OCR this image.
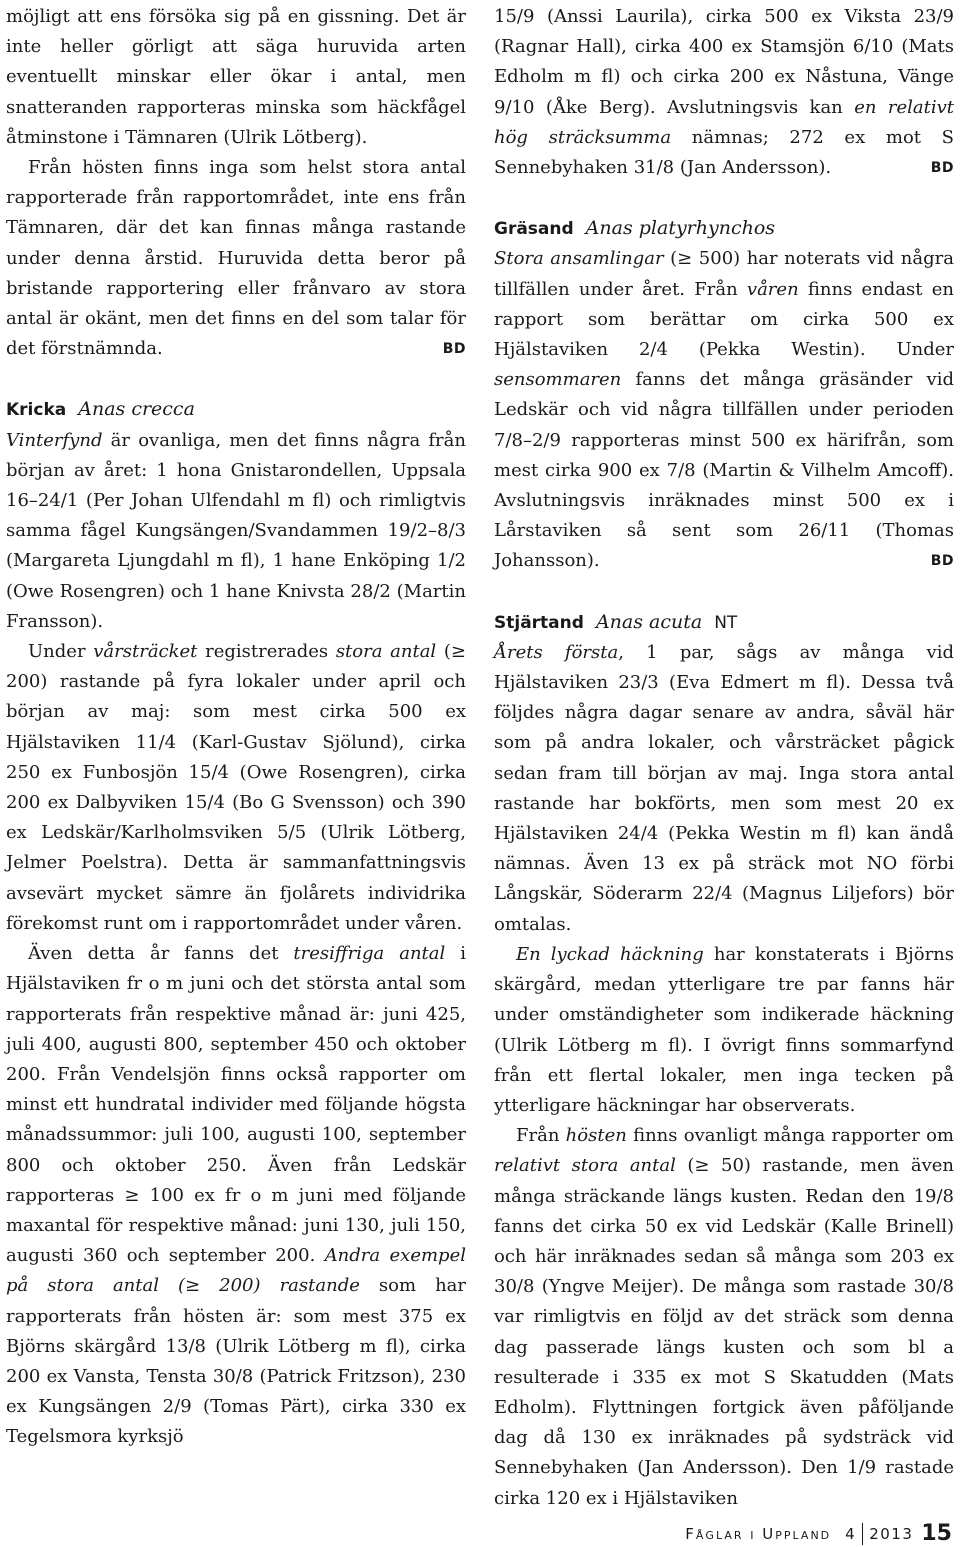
möjligt att ens försöka sig på en gissning. Det är inte heller görligt att säga huruvida arten eventuellt minskar eller ökar i antal, men snatteranden rapporteras minska som häckfågel åtminstone i Tämnaren (Ulrik Lötberg).

Från hösten finns inga som helst stora antal rapporterade från rapportområdet, inte ens från Tämnaren, där det kan finnas många rastande under denna årstid. Huruvida detta beror på bristande rapportering eller frånvaro av stora antal är okänt, men det finns en del som talar för det förstnämnda.	BD

Kricka Anas crecca

Vinterfynd är ovanliga, men det finns några från början av året: 1 hona Gnistarondellen, Uppsala 16–24/1 (Per Johan Ulfendahl m fl) och rimligtvis samma fågel Kungsängen/Svandammen 19/2–8/3 (Margareta Ljungdahl m fl), 1 hane Enköping 1/2 (Owe Rosengren) och 1 hane Knivsta 28/2 (Martin Fransson).

Under vårsträcket registrerades stora antal (≥ 200) rastande på fyra lokaler under april och början av maj: som mest cirka 500 ex Hjälstaviken 11/4 (Karl-Gustav Sjölund), cirka 250 ex Funbosjön 15/4 (Owe Rosengren), cirka 200 ex Dalbyviken 15/4 (Bo G Svensson) och 390 ex Ledskär/Karlholmsviken 5/5 (Ulrik Lötberg, Jelmer Poelstra). Detta är sammanfattningsvis avsevärt mycket sämre än fjolårets individrika förekomst runt om i rapportområdet under våren.

Även detta år fanns det tresiffriga antal i Hjälstaviken fr o m juni och det största antal som rapporterats från respektive månad är: juni 425, juli 400, augusti 800, september 450 och oktober 200. Från Vendelsjön finns också rapporter om minst ett hundratal individer med följande högsta månadssummor: juli 100, augusti 100, september 800 och oktober 250. Även från Ledskär rapporteras ≥ 100 ex fr o m juni med följande maxantal för respektive månad: juni 130, juli 150, augusti 360 och september 200. Andra exempel på stora antal (≥ 200) rastande som har rapporterats från hösten är: som mest 375 ex Björns skärgård 13/8 (Ulrik Lötberg m fl), cirka 200 ex Vansta, Tensta 30/8 (Patrick Fritzson), 230 ex Kungsängen 2/9 (Tomas Pärt), cirka 330 ex Tegelsmora kyrksjö

15/9 (Anssi Laurila), cirka 500 ex Viksta 23/9 (Ragnar Hall), cirka 400 ex Stamsjön 6/10 (Mats Edholm m fl) och cirka 200 ex Nåstuna, Vänge 9/10 (Åke Berg). Avslutningsvis kan en relativt hög sträcksumma nämnas; 272 ex mot S Sennebyhaken 31/8 (Jan Andersson).	BD

Gräsand Anas platyrhynchos

Stora ansamlingar (≥ 500) har noterats vid några tillfällen under året. Från våren finns endast en rapport som berättar om cirka 500 ex Hjälstaviken 2/4 (Pekka Westin). Under sensommaren fanns det många gräsänder vid Ledskär och vid några tillfällen under perioden 7/8–2/9 rapporteras minst 500 ex härifrån, som mest cirka 900 ex 7/8 (Martin & Vilhelm Amcoff). Avslutningsvis inräknades minst 500 ex i Lårstaviken så sent som 26/11 (Thomas Johansson).	BD

Stjärtand Anas acuta NT

Årets första, 1 par, sågs av många vid Hjälstaviken 23/3 (Eva Edmert m fl). Dessa två följdes några dagar senare av andra, såväl här som på andra lokaler, och vårsträcket pågick sedan fram till början av maj. Inga stora antal rastande har bokförts, men som mest 20 ex Hjälstaviken 24/4 (Pekka Westin m fl) kan ändå nämnas. Även 13 ex på sträck mot NO förbi Långskär, Söderarm 22/4 (Magnus Liljefors) bör omtalas.

En lyckad häckning har konstaterats i Björns skärgård, medan ytterligare tre par fanns här under omständigheter som indikerade häckning (Ulrik Lötberg m fl). I övrigt finns sommarfynd från ett flertal lokaler, men inga tecken på ytterligare häckningar har observerats.

Från hösten finns ovanligt många rapporter om relativt stora antal (≥ 50) rastande, men även många sträckande längs kusten. Redan den 19/8 fanns det cirka 50 ex vid Ledskär (Kalle Brinell) och här inräknades sedan så många som 203 ex 30/8 (Yngve Meijer). De många som rastade 30/8 var rimligtvis en följd av det sträck som denna dag passerade längs kusten och som bl a resulterade i 335 ex mot S Skatudden (Mats Edholm). Flyttningen fortgick även påföljande dag då 130 ex inräknades på sydsträck vid Sennebyhaken (Jan Andersson). Den 1/9 rastade cirka 120 ex i Hjälstaviken

Fåglar i Uppland 4 2013 15
